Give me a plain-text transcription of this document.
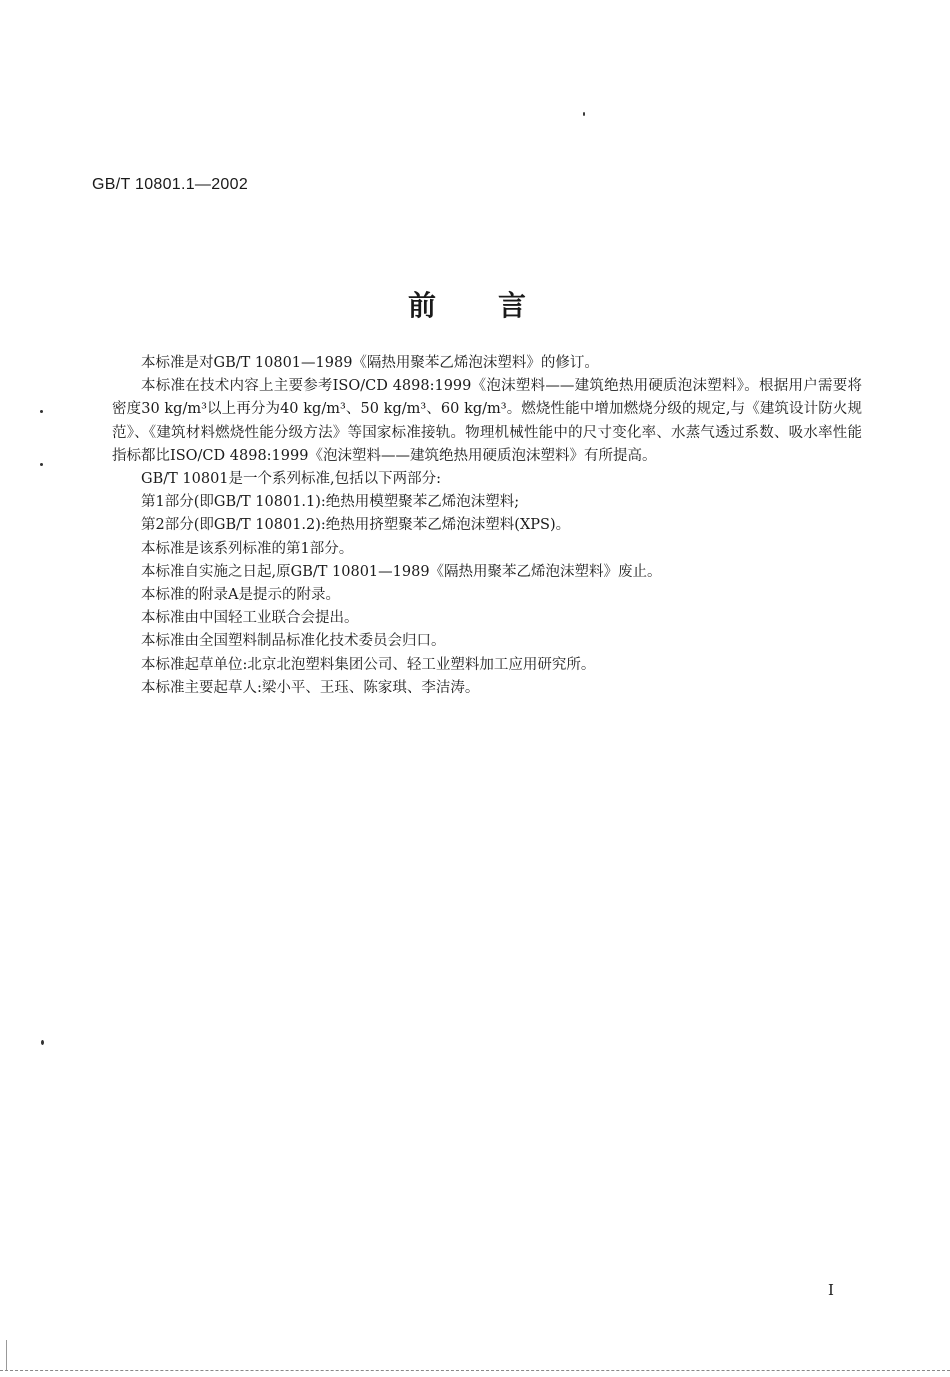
GB/T 10801.1—2002
前言

本标准是对GB/T 10801—1989《隔热用聚苯乙烯泡沫塑料》的修订。

本标准在技术内容上主要参考ISO/CD 4898:1999《泡沫塑料——建筑绝热用硬质泡沫塑料》。根据用户需要将密度30 kg/m³以上再分为40 kg/m³、50 kg/m³、60 kg/m³。燃烧性能中增加燃烧分级的规定,与《建筑设计防火规范》、《建筑材料燃烧性能分级方法》等国家标准接轨。物理机械性能中的尺寸变化率、水蒸气透过系数、吸水率性能指标都比ISO/CD 4898:1999《泡沫塑料——建筑绝热用硬质泡沫塑料》有所提高。

GB/T 10801是一个系列标准,包括以下两部分:

第1部分(即GB/T 10801.1):绝热用模塑聚苯乙烯泡沫塑料;

第2部分(即GB/T 10801.2):绝热用挤塑聚苯乙烯泡沫塑料(XPS)。

本标准是该系列标准的第1部分。

本标准自实施之日起,原GB/T 10801—1989《隔热用聚苯乙烯泡沫塑料》废止。

本标准的附录A是提示的附录。

本标准由中国轻工业联合会提出。

本标准由全国塑料制品标准化技术委员会归口。

本标准起草单位:北京北泡塑料集团公司、轻工业塑料加工应用研究所。

本标准主要起草人:梁小平、王珏、陈家琪、李洁涛。

I
